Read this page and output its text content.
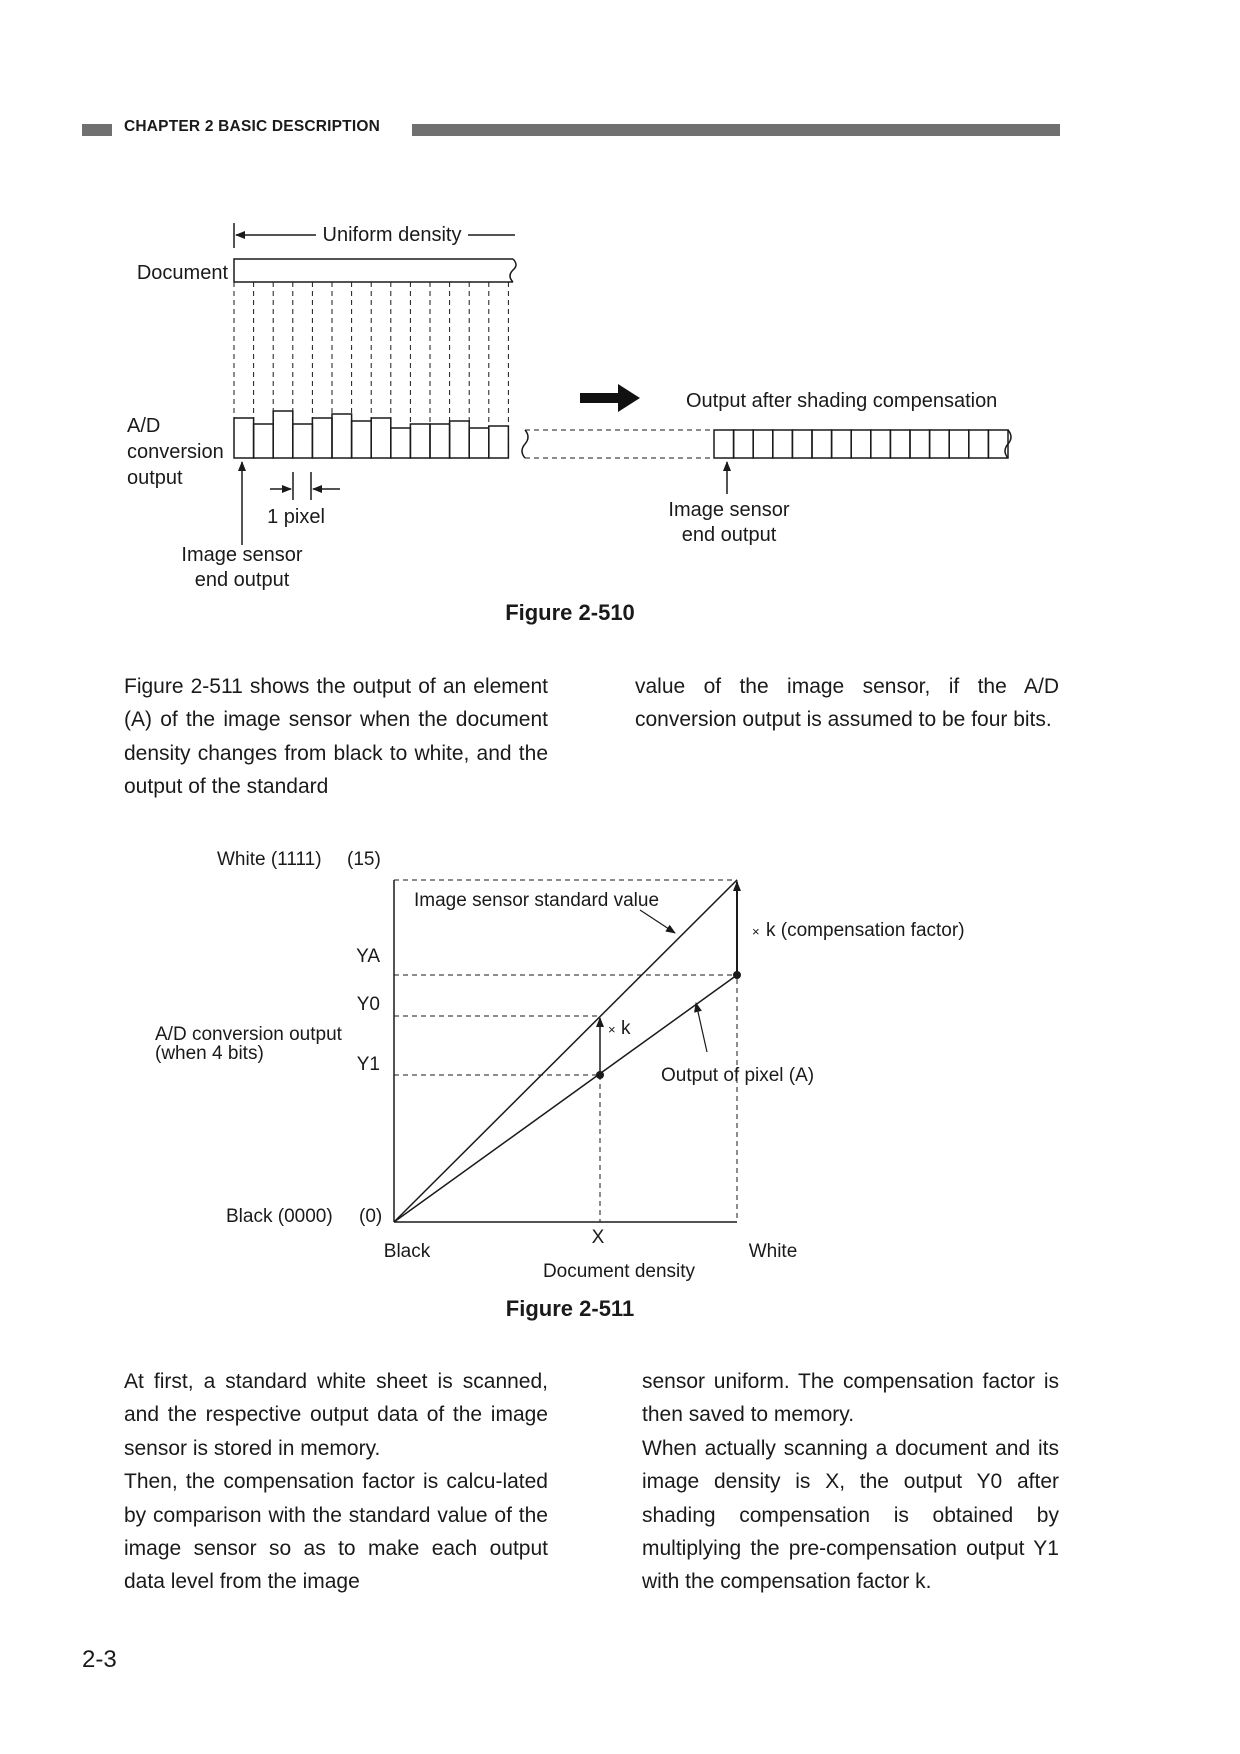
CHAPTER 2 BASIC DESCRIPTION
Uniform density
Document
A/D
conversion
output
1 pixel
Image sensor
end output
Output after shading compensation
Image sensor
end output
Figure 2-510

Figure 2-511 shows the output of an element (A) of the image sensor when the document density changes from black to white, and the output of the standard

value of the image sensor, if the A/D conversion output is assumed to be four bits.

White (1111) (15)
YA
Y0
Y1
A/D conversion output
(when 4 bits)
Black (0000) (0)
Black
X
White
Document density
Image sensor standard value
× k (compensation factor)
× k
Output of pixel (A)
Figure 2-511

At first, a standard white sheet is scanned, and the respective output data of the image sensor is stored in memory.

Then, the compensation factor is calcu-lated by comparison with the standard value of the image sensor so as to make each output data level from the image

sensor uniform. The compensation factor is then saved to memory.

When actually scanning a document and its image density is X, the output Y0 after shading compensation is obtained by multiplying the pre-compensation output Y1 with the compensation factor k.

2-3
